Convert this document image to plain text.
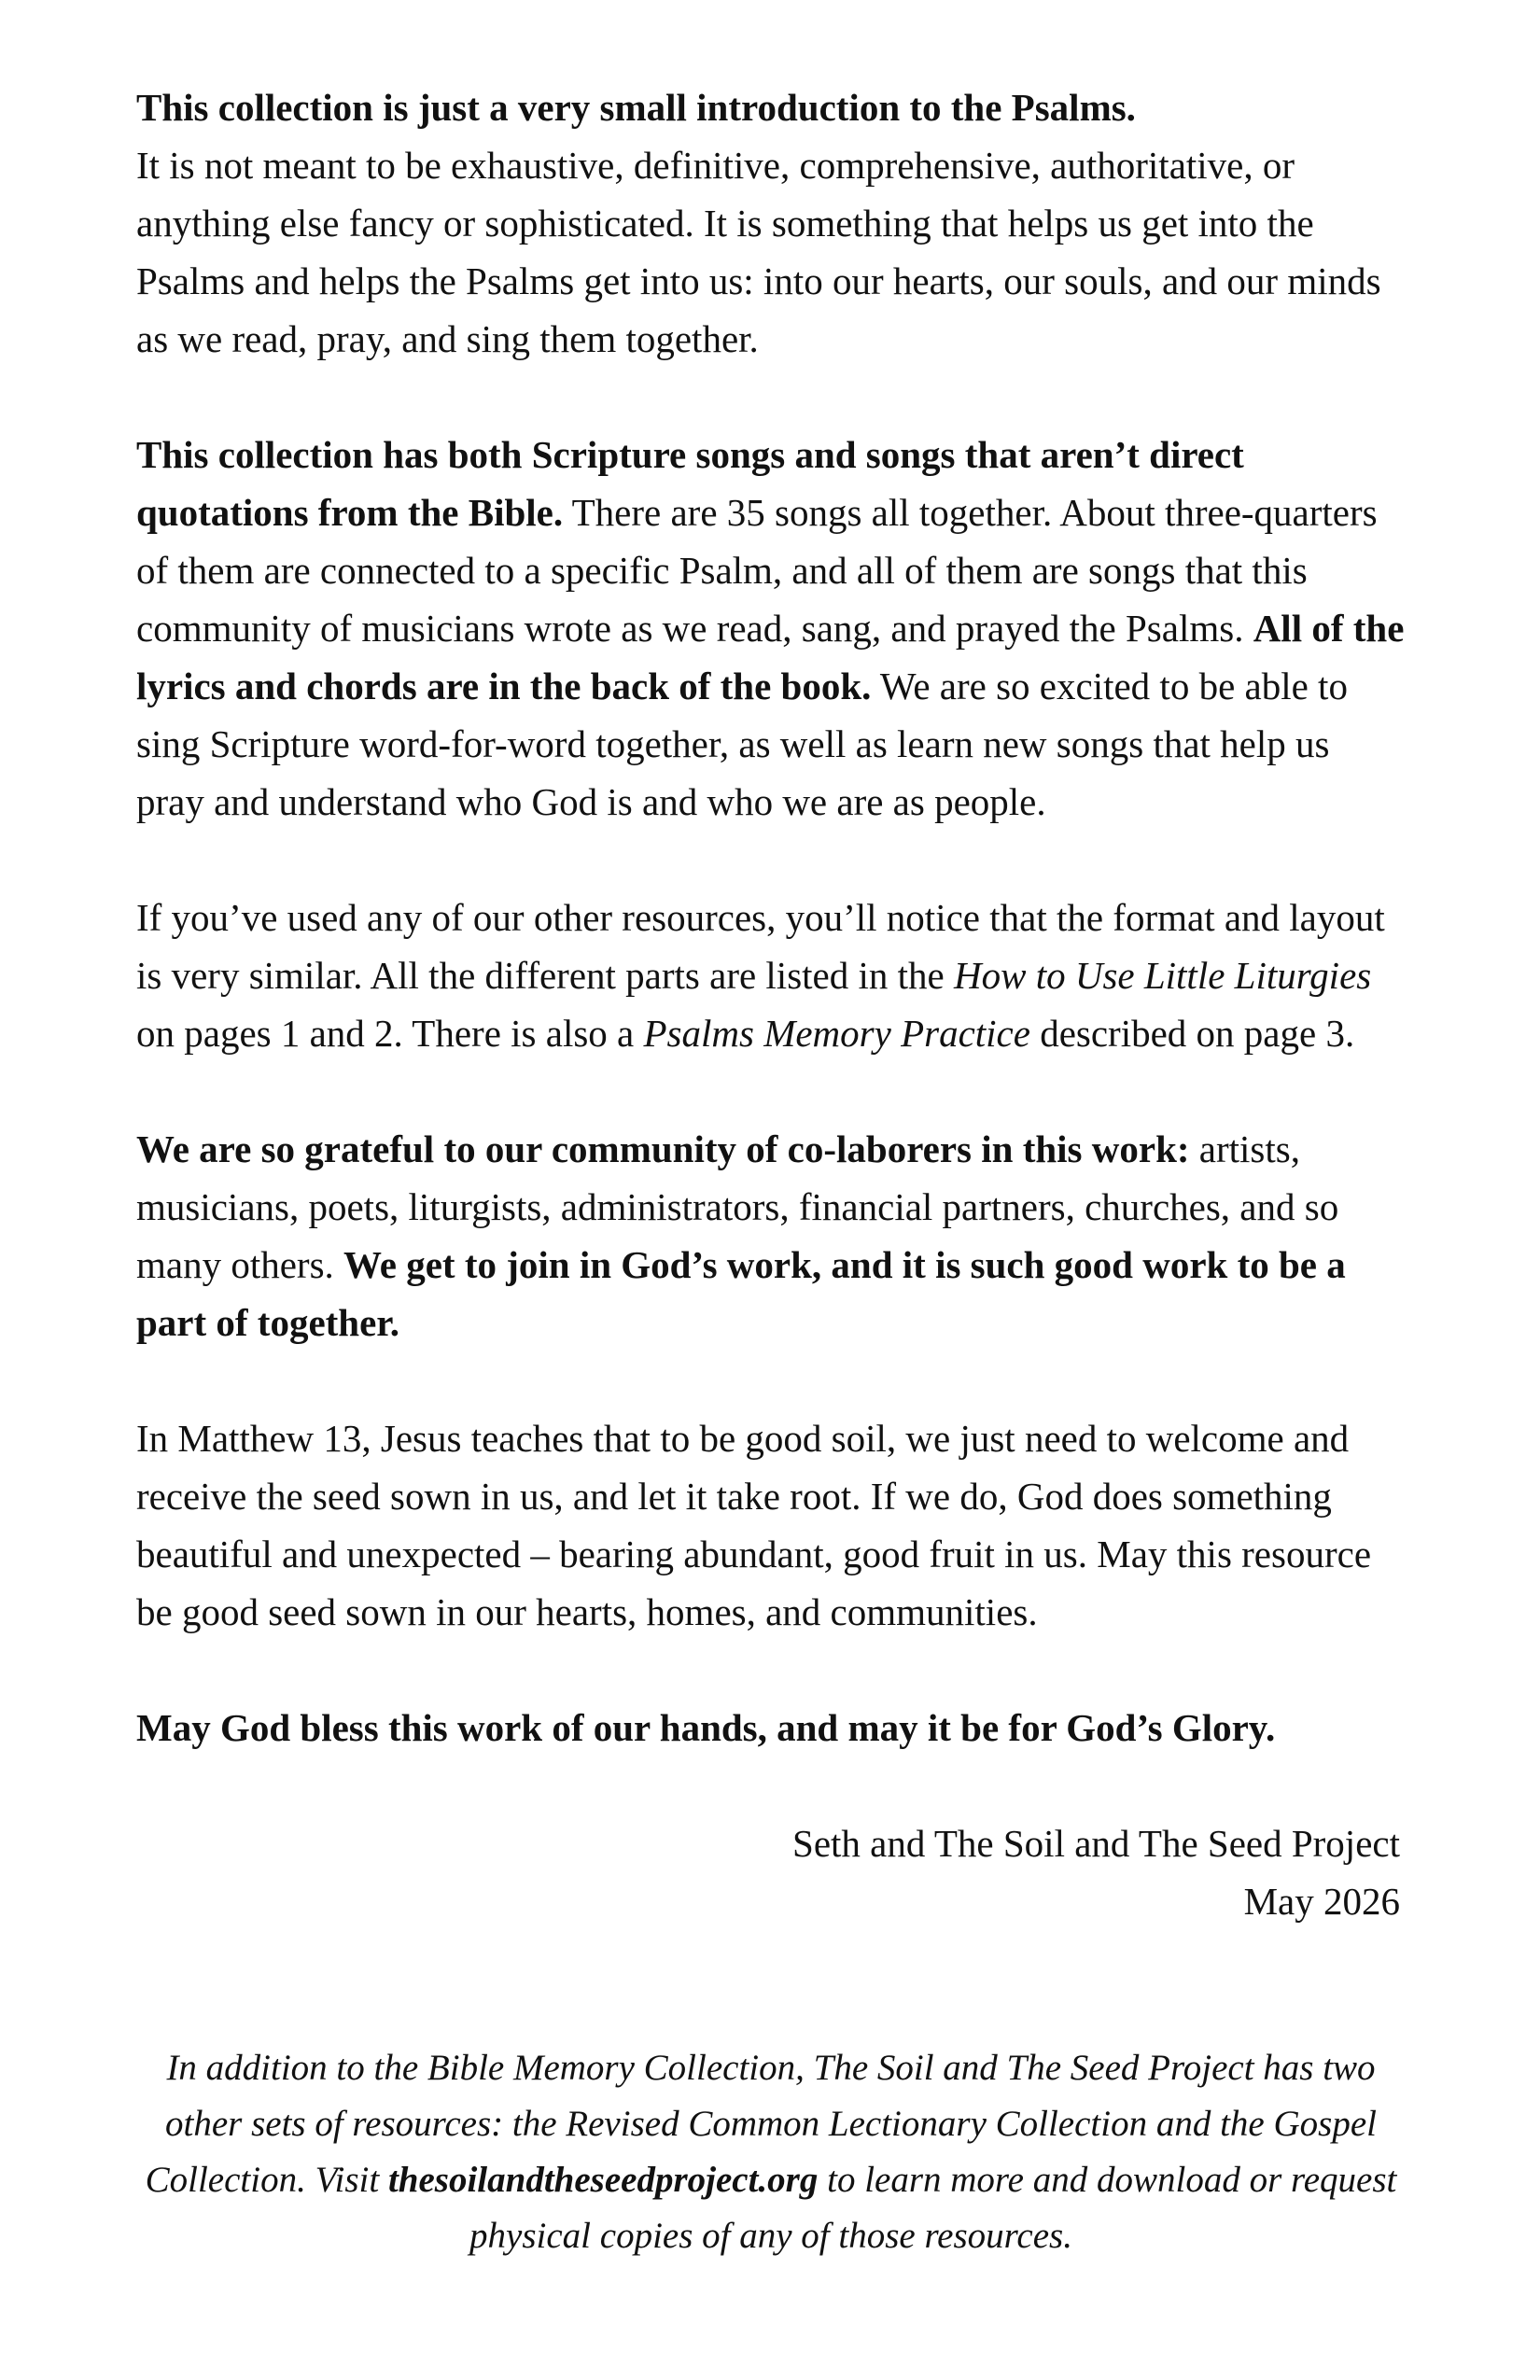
This collection is just a very small introduction to the Psalms.
It is not meant to be exhaustive, definitive, comprehensive, authoritative, or anything else fancy or sophisticated. It is something that helps us get into the Psalms and helps the Psalms get into us: into our hearts, our souls, and our minds as we read, pray, and sing them together.

This collection has both Scripture songs and songs that aren’t direct quotations from the Bible. There are 35 songs all together. About three-quarters of them are connected to a specific Psalm, and all of them are songs that this community of musicians wrote as we read, sang, and prayed the Psalms. All of the lyrics and chords are in the back of the book. We are so excited to be able to sing Scripture word-for-word together, as well as learn new songs that help us pray and understand who God is and who we are as people.

If you’ve used any of our other resources, you’ll notice that the format and layout is very similar. All the different parts are listed in the How to Use Little Liturgies on pages 1 and 2. There is also a Psalms Memory Practice described on page 3.

We are so grateful to our community of co-laborers in this work: artists, musicians, poets, liturgists, administrators, financial partners, churches, and so many others. We get to join in God’s work, and it is such good work to be a part of together.

In Matthew 13, Jesus teaches that to be good soil, we just need to welcome and receive the seed sown in us, and let it take root. If we do, God does something beautiful and unexpected – bearing abundant, good fruit in us. May this resource be good seed sown in our hearts, homes, and communities.

May God bless this work of our hands, and may it be for God’s Glory.

Seth and The Soil and The Seed Project
May 2026

In addition to the Bible Memory Collection, The Soil and The Seed Project has two other sets of resources: the Revised Common Lectionary Collection and the Gospel Collection. Visit thesoilandtheseedproject.org to learn more and download or request physical copies of any of those resources.
